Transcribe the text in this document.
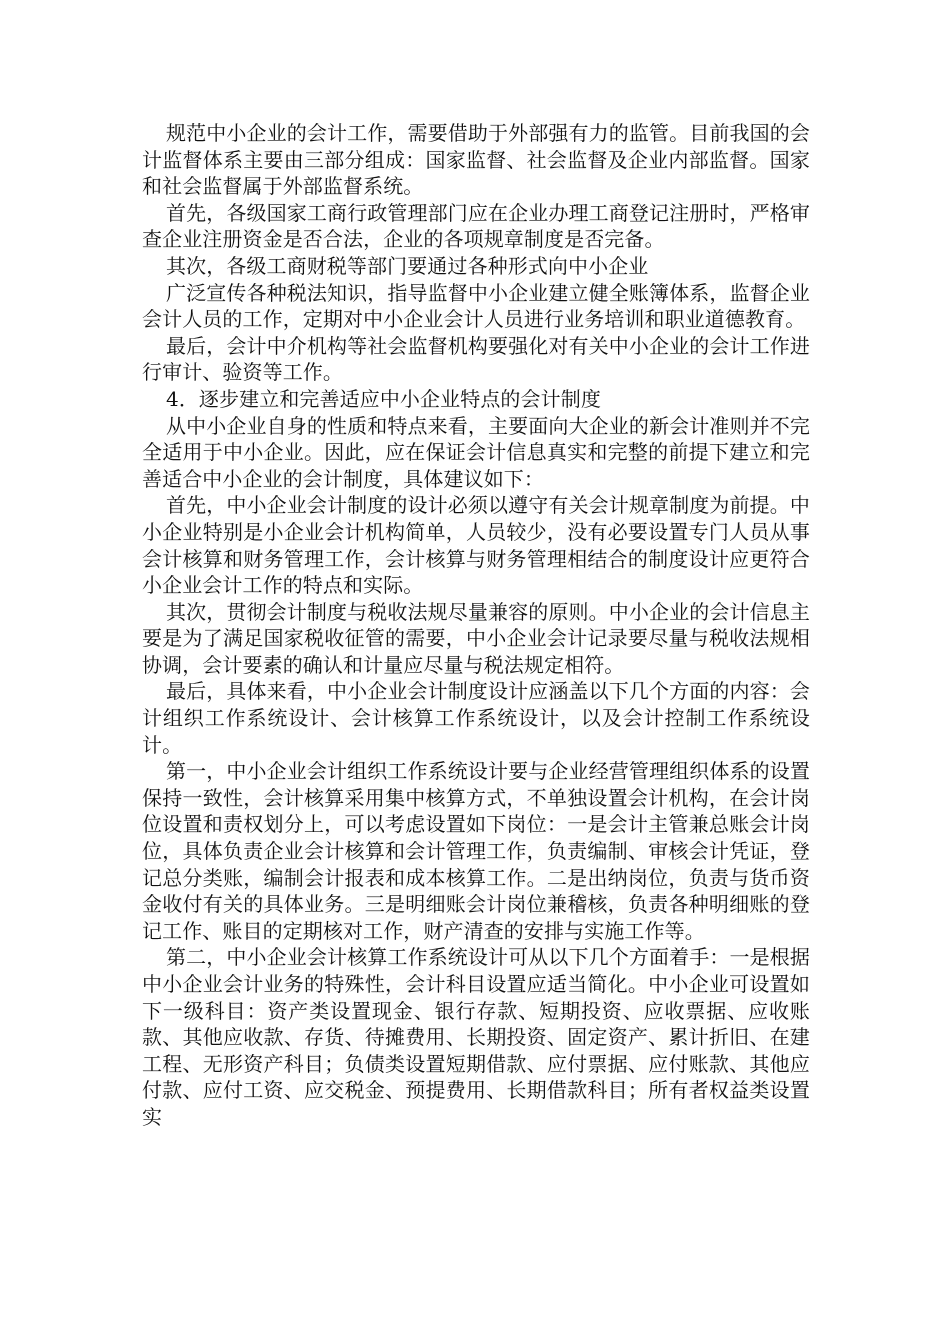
规范中小企业的会计工作，需要借助于外部强有力的监管。目前我国的会计监督体系主要由三部分组成：国家监督、社会监督及企业内部监督。国家和社会监督属于外部监督系统。

首先，各级国家工商行政管理部门应在企业办理工商登记注册时，严格审查企业注册资金是否合法，企业的各项规章制度是否完备。

其次，各级工商财税等部门要通过各种形式向中小企业

广泛宣传各种税法知识，指导监督中小企业建立健全账簿体系，监督企业会计人员的工作，定期对中小企业会计人员进行业务培训和职业道德教育。

最后，会计中介机构等社会监督机构要强化对有关中小企业的会计工作进行审计、验资等工作。

4．逐步建立和完善适应中小企业特点的会计制度

从中小企业自身的性质和特点来看，主要面向大企业的新会计准则并不完全适用于中小企业。因此，应在保证会计信息真实和完整的前提下建立和完善适合中小企业的会计制度，具体建议如下：

首先，中小企业会计制度的设计必须以遵守有关会计规章制度为前提。中小企业特别是小企业会计机构简单，人员较少，没有必要设置专门人员从事会计核算和财务管理工作，会计核算与财务管理相结合的制度设计应更符合小企业会计工作的特点和实际。

其次，贯彻会计制度与税收法规尽量兼容的原则。中小企业的会计信息主要是为了满足国家税收征管的需要，中小企业会计记录要尽量与税收法规相协调，会计要素的确认和计量应尽量与税法规定相符。

最后，具体来看，中小企业会计制度设计应涵盖以下几个方面的内容：会计组织工作系统设计、会计核算工作系统设计，以及会计控制工作系统设计。

第一，中小企业会计组织工作系统设计要与企业经营管理组织体系的设置保持一致性，会计核算采用集中核算方式，不单独设置会计机构，在会计岗位设置和责权划分上，可以考虑设置如下岗位：一是会计主管兼总账会计岗位，具体负责企业会计核算和会计管理工作，负责编制、审核会计凭证，登记总分类账，编制会计报表和成本核算工作。二是出纳岗位，负责与货币资金收付有关的具体业务。三是明细账会计岗位兼稽核，负责各种明细账的登记工作、账目的定期核对工作，财产清查的安排与实施工作等。

第二，中小企业会计核算工作系统设计可从以下几个方面着手：一是根据中小企业会计业务的特殊性，会计科目设置应适当简化。中小企业可设置如下一级科目：资产类设置现金、银行存款、短期投资、应收票据、应收账款、其他应收款、存货、待摊费用、长期投资、固定资产、累计折旧、在建工程、无形资产科目；负债类设置短期借款、应付票据、应付账款、其他应付款、应付工资、应交税金、预提费用、长期借款科目；所有者权益类设置实
